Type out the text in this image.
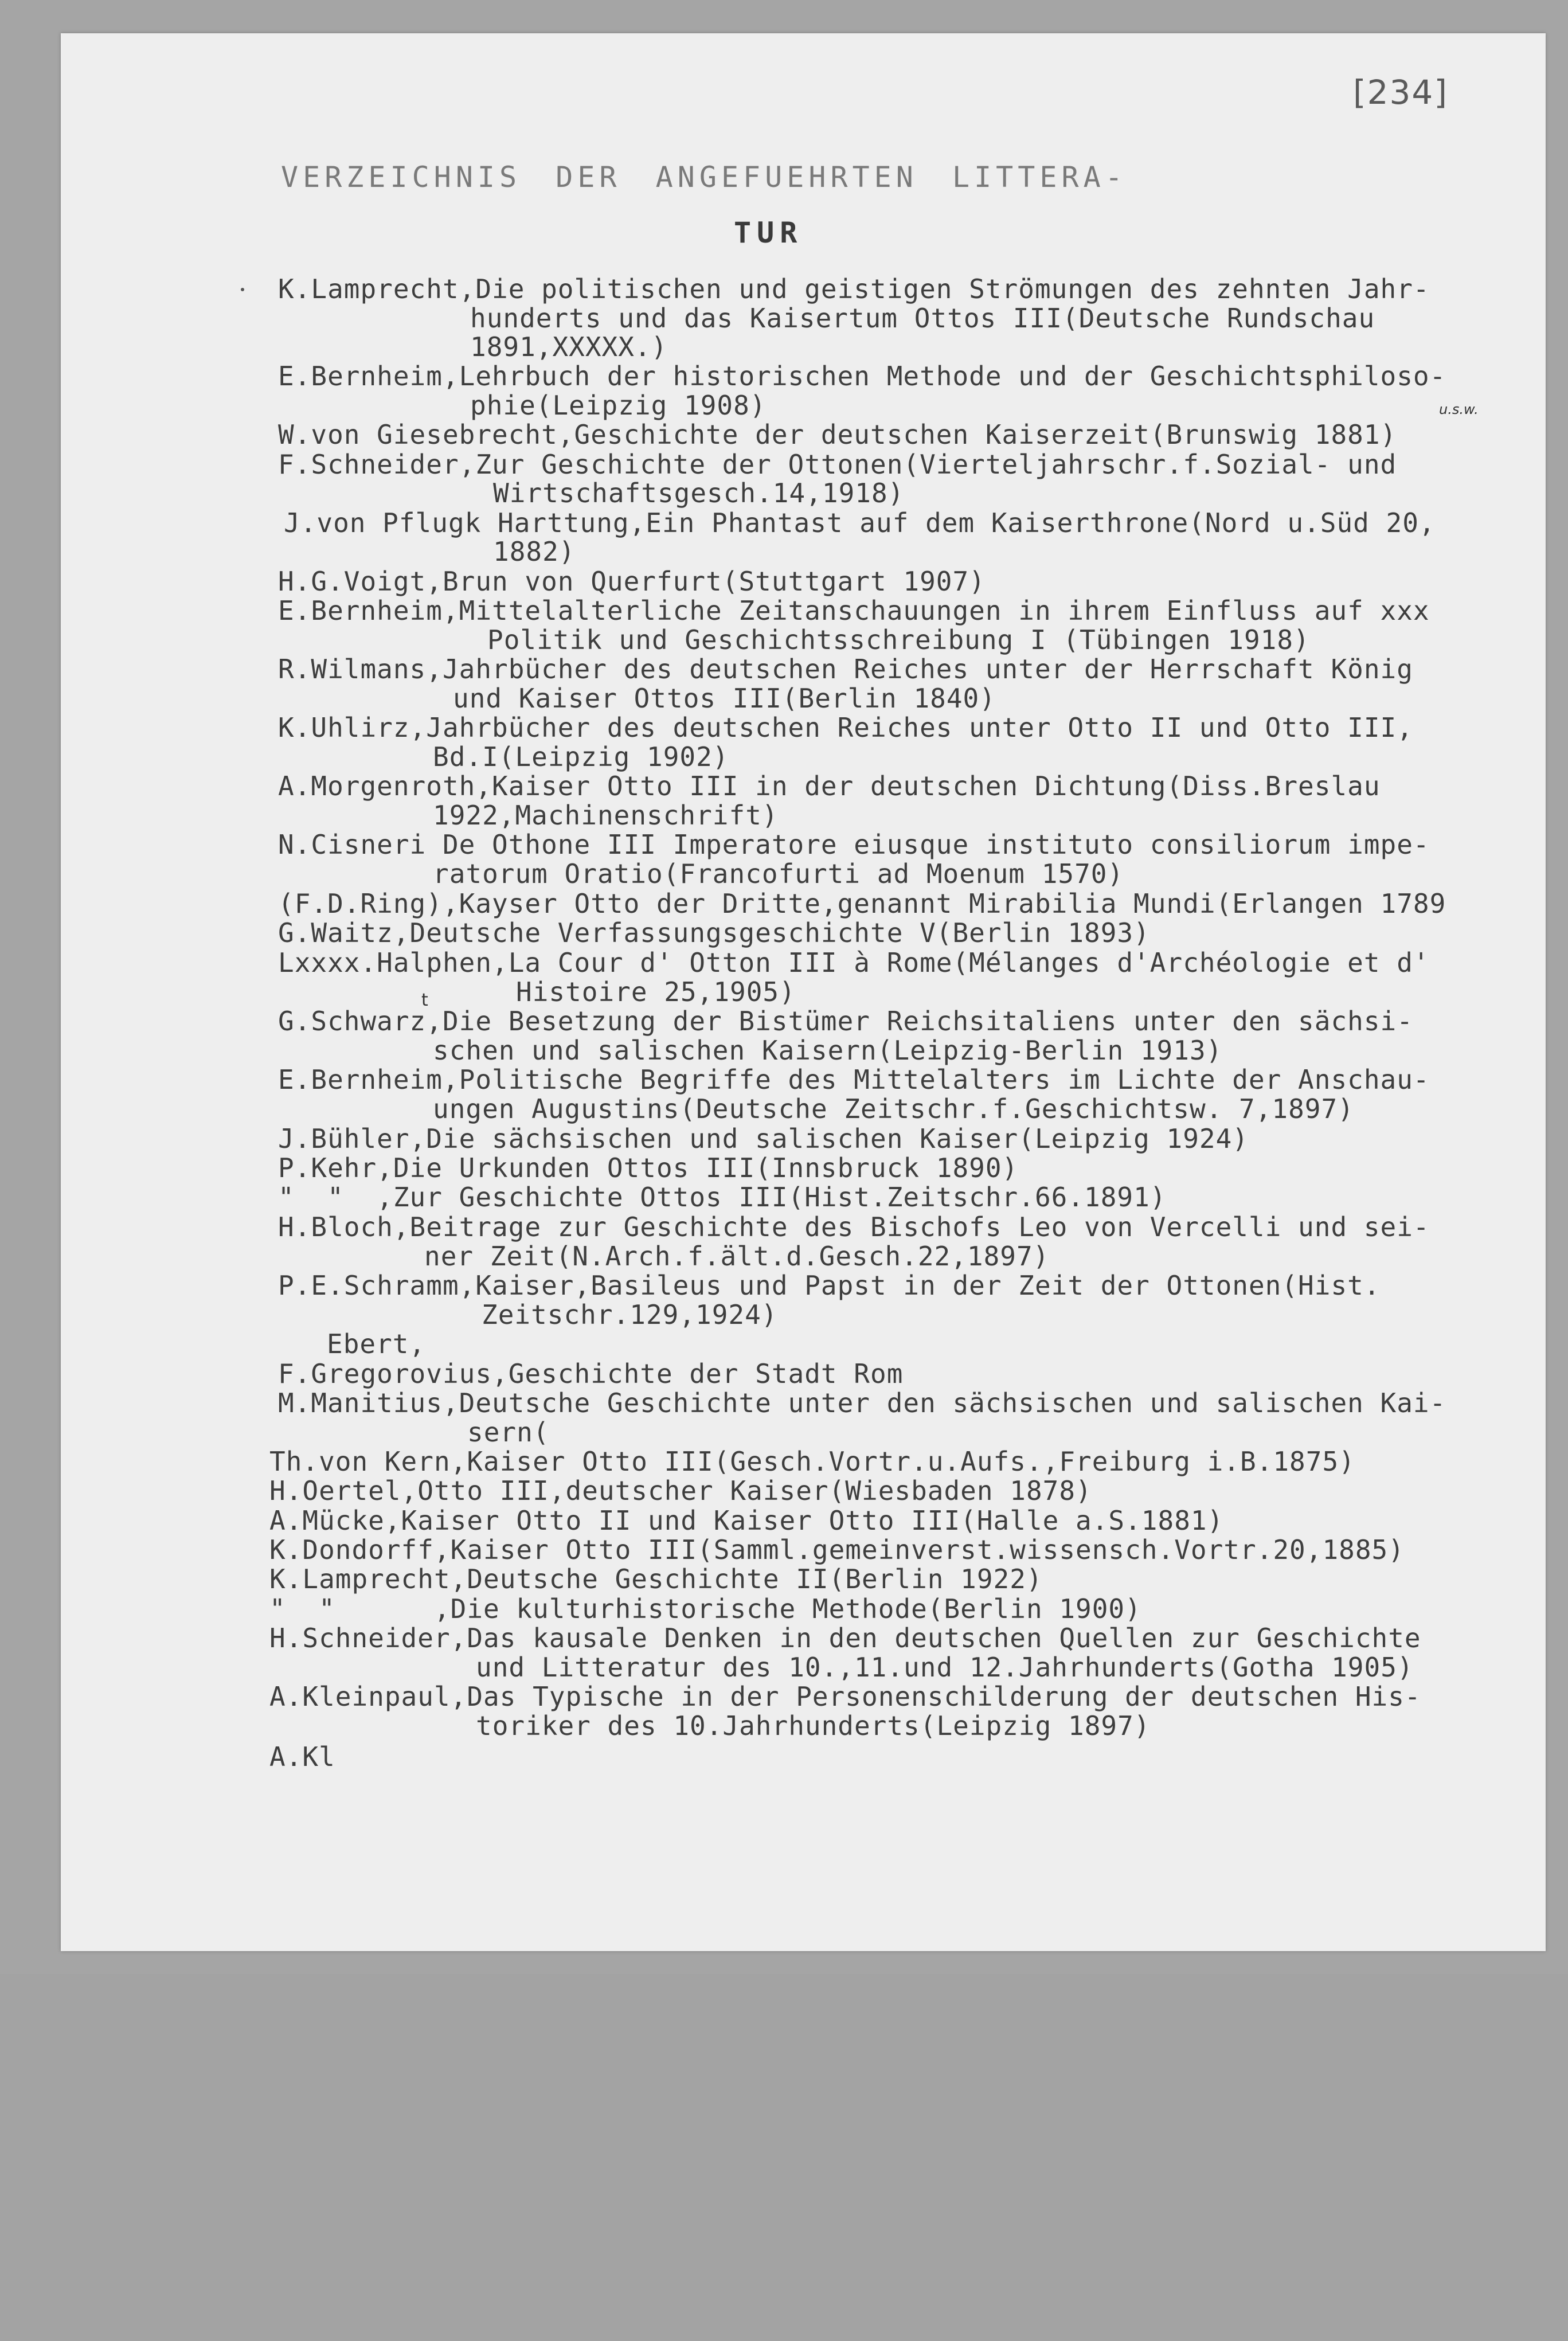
[234]
VERZEICHNIS DER ANGEFUEHRTEN LITTERA-
TUR
u.s.w.
t

K.Lamprecht,Die politischen und geistigen Strömungen des zehnten Jahr-

hunderts und das Kaisertum Ottos III(Deutsche Rundschau

1891,XXXXX.)

E.Bernheim,Lehrbuch der historischen Methode und der Geschichtsphiloso-

phie(Leipzig 1908)

W.von Giesebrecht,Geschichte der deutschen Kaiserzeit(Brunswig 1881)

F.Schneider,Zur Geschichte der Ottonen(Vierteljahrschr.f.Sozial- und

Wirtschaftsgesch.14,1918)

J.von Pflugk Harttung,Ein Phantast auf dem Kaiserthrone(Nord u.Süd 20,

1882)

H.G.Voigt,Brun von Querfurt(Stuttgart 1907)

E.Bernheim,Mittelalterliche Zeitanschauungen in ihrem Einfluss auf xxx

Politik und Geschichtsschreibung I (Tübingen 1918)

R.Wilmans,Jahrbücher des deutschen Reiches unter der Herrschaft König

und Kaiser Ottos III(Berlin 1840)

K.Uhlirz,Jahrbücher des deutschen Reiches unter Otto II und Otto III,

Bd.I(Leipzig 1902)

A.Morgenroth,Kaiser Otto III in der deutschen Dichtung(Diss.Breslau

1922,Machinenschrift)

N.Cisneri De Othone III Imperatore eiusque instituto consiliorum impe-

ratorum Oratio(Francofurti ad Moenum 1570)

(F.D.Ring),Kayser Otto der Dritte,genannt Mirabilia Mundi(Erlangen 1789

G.Waitz,Deutsche Verfassungsgeschichte V(Berlin 1893)

Lxxxx.Halphen,La Cour d' Otton III à Rome(Mélanges d'Archéologie et d'

Histoire 25,1905)

G.Schwarz,Die Besetzung der Bistümer Reichsitaliens unter den sächsi-

schen und salischen Kaisern(Leipzig-Berlin 1913)

E.Bernheim,Politische Begriffe des Mittelalters im Lichte der Anschau-

ungen Augustins(Deutsche Zeitschr.f.Geschichtsw. 7,1897)

J.Bühler,Die sächsischen und salischen Kaiser(Leipzig 1924)

P.Kehr,Die Urkunden Ottos III(Innsbruck 1890)

"  "  ,Zur Geschichte Ottos III(Hist.Zeitschr.66.1891)

H.Bloch,Beitrage zur Geschichte des Bischofs Leo von Vercelli und sei-

ner Zeit(N.Arch.f.ält.d.Gesch.22,1897)

P.E.Schramm,Kaiser,Basileus und Papst in der Zeit der Ottonen(Hist.

Zeitschr.129,1924)

Ebert,

F.Gregorovius,Geschichte der Stadt Rom

M.Manitius,Deutsche Geschichte unter den sächsischen und salischen Kai-

sern(

Th.von Kern,Kaiser Otto III(Gesch.Vortr.u.Aufs.,Freiburg i.B.1875)

H.Oertel,Otto III,deutscher Kaiser(Wiesbaden 1878)

A.Mücke,Kaiser Otto II und Kaiser Otto III(Halle a.S.1881)

K.Dondorff,Kaiser Otto III(Samml.gemeinverst.wissensch.Vortr.20,1885)

K.Lamprecht,Deutsche Geschichte II(Berlin 1922)

"  "      ,Die kulturhistorische Methode(Berlin 1900)

H.Schneider,Das kausale Denken in den deutschen Quellen zur Geschichte

und Litteratur des 10.,11.und 12.Jahrhunderts(Gotha 1905)

A.Kleinpaul,Das Typische in der Personenschilderung der deutschen His-

toriker des 10.Jahrhunderts(Leipzig 1897)

A.Kl
